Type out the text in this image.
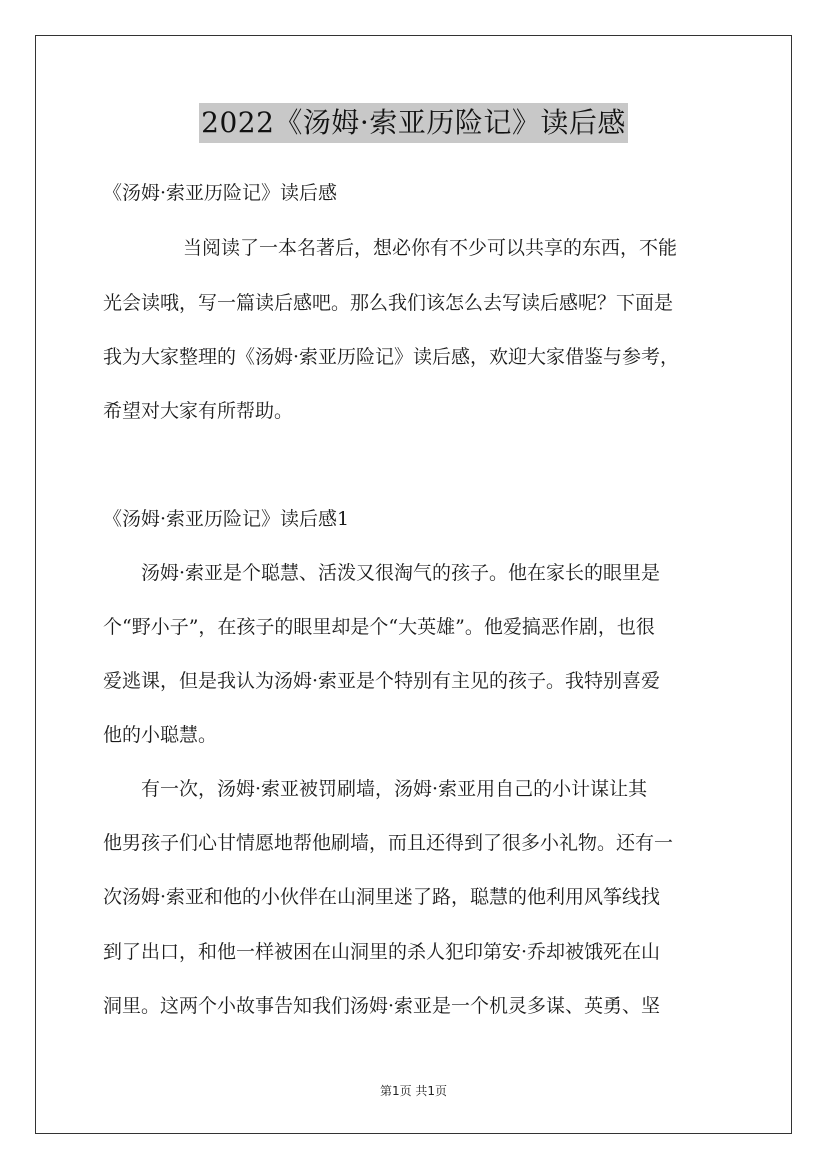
2022《汤姆·索亚历险记》读后感
《汤姆·索亚历险记》读后感
当阅读了一本名著后，想必你有不少可以共享的东西，不能
光会读哦，写一篇读后感吧。那么我们该怎么去写读后感呢？下面是
我为大家整理的《汤姆·索亚历险记》读后感，欢迎大家借鉴与参考，
希望对大家有所帮助。
《汤姆·索亚历险记》读后感1
汤姆·索亚是个聪慧、活泼又很淘气的孩子。他在家长的眼里是
个“野小子”，在孩子的眼里却是个“大英雄”。他爱搞恶作剧，也很
爱逃课，但是我认为汤姆·索亚是个特别有主见的孩子。我特别喜爱
他的小聪慧。
有一次，汤姆·索亚被罚刷墙，汤姆·索亚用自己的小计谋让其
他男孩子们心甘情愿地帮他刷墙，而且还得到了很多小礼物。还有一
次汤姆·索亚和他的小伙伴在山洞里迷了路，聪慧的他利用风筝线找
到了出口，和他一样被困在山洞里的杀人犯印第安·乔却被饿死在山
洞里。这两个小故事告知我们汤姆·索亚是一个机灵多谋、英勇、坚
第1页 共1页
